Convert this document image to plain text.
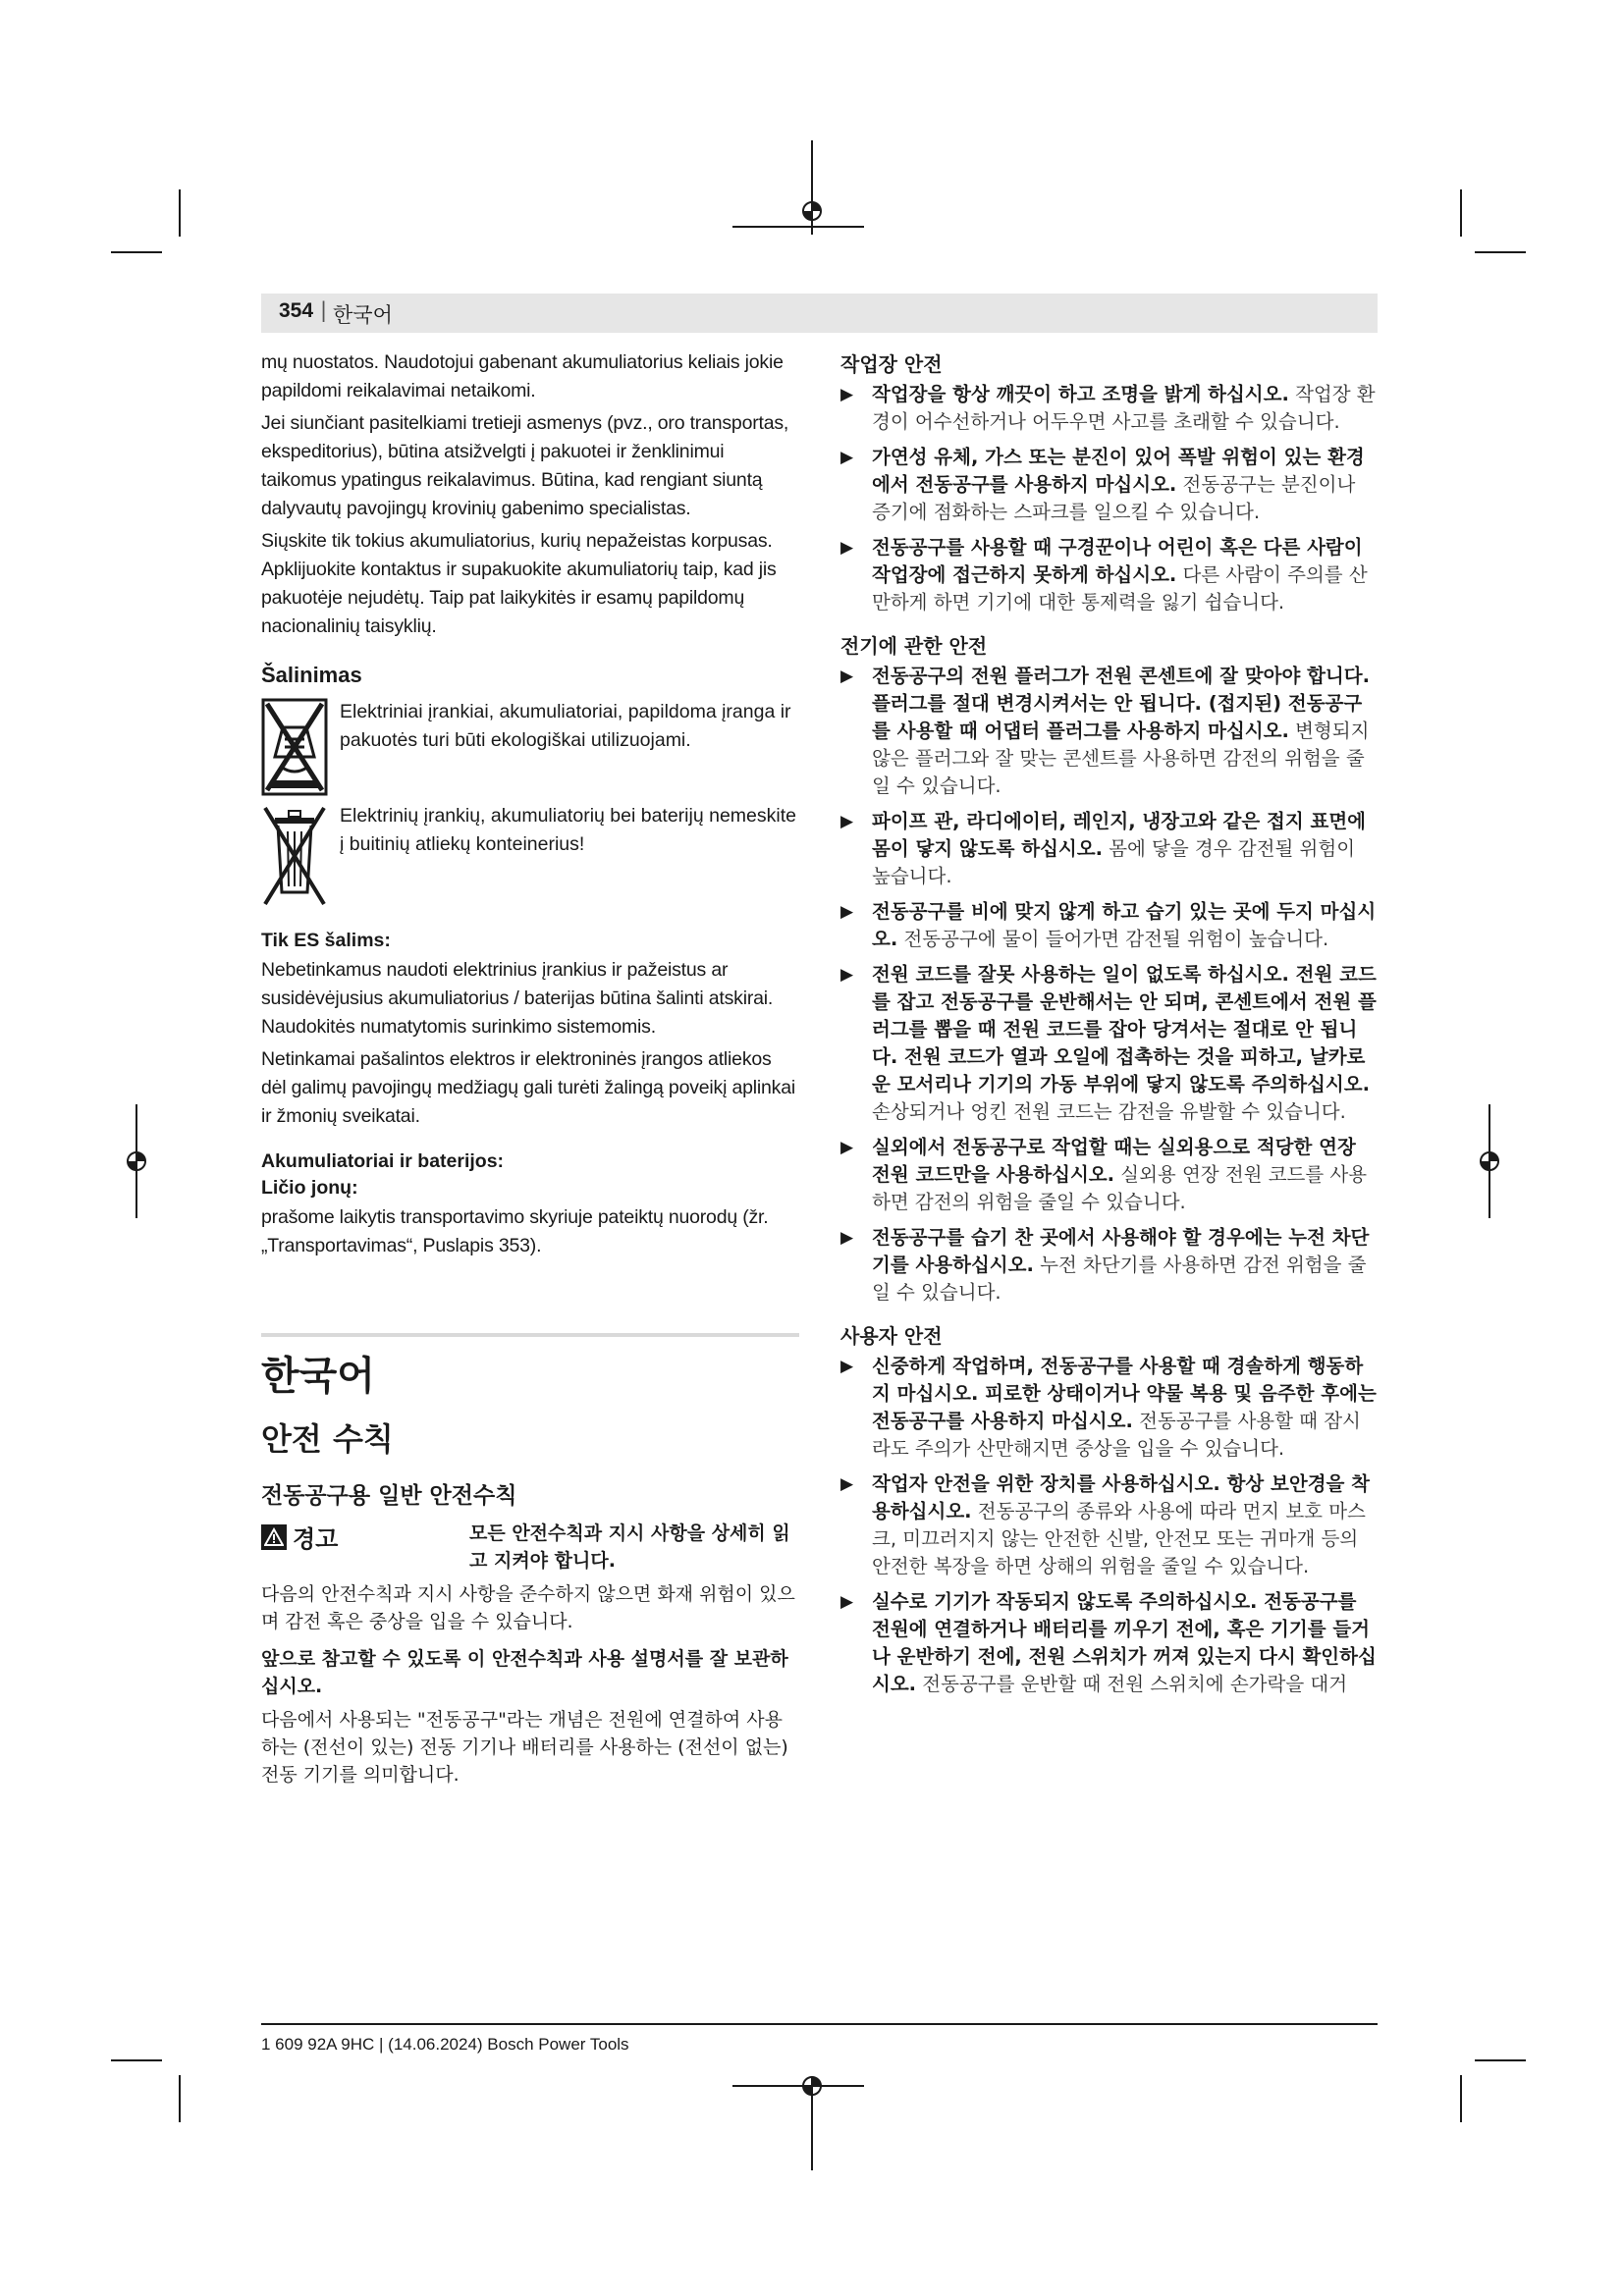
354 | 한국어

mų nuostatos. Naudotojui gabenant akumuliatorius keliais jokie papildomi reikalavimai netaikomi.

Jei siunčiant pasitelkiami tretieji asmenys (pvz., oro transportas, ekspeditorius), būtina atsižvelgti į pakuotei ir ženklinimui taikomus ypatingus reikalavimus. Būtina, kad rengiant siuntą dalyvautų pavojingų krovinių gabenimo specialistas.

Siųskite tik tokius akumuliatorius, kurių nepažeistas korpusas. Apklijuokite kontaktus ir supakuokite akumuliatorių taip, kad jis pakuotėje nejudėtų. Taip pat laikykitės ir esamų papildomų nacionalinių taisyklių.

Šalinimas
Elektriniai įrankiai, akumuliatoriai, papildoma įranga ir pakuotės turi būti ekologiškai utilizuojami.
Elektrinių įrankių, akumuliatorių bei baterijų nemeskite į buitinių atliekų konteinerius!
Tik ES šalims:

Nebetinkamus naudoti elektrinius įrankius ir pažeistus ar susidėvėjusius akumuliatorius / baterijas būtina šalinti atskirai. Naudokitės numatytomis surinkimo sistemomis.

Netinkamai pašalintos elektros ir elektroninės įrangos atliekos dėl galimų pavojingų medžiagų gali turėti žalingą poveikį aplinkai ir žmonių sveikatai.

Akumuliatoriai ir baterijos:
Ličio jonų:

prašome laikytis transportavimo skyriuje pateiktų nuorodų (žr. „Transportavimas“, Puslapis 353).

한국어
안전 수칙
전동공구용 일반 안전수칙
경고	모든 안전수칙과 지시 사항을 상세히 읽고 지켜야 합니다.

다음의 안전수칙과 지시 사항을 준수하지 않으면 화재 위험이 있으며 감전 혹은 중상을 입을 수 있습니다.

앞으로 참고할 수 있도록 이 안전수칙과 사용 설명서를 잘 보관하십시오.

다음에서 사용되는 "전동공구"라는 개념은 전원에 연결하여 사용하는 (전선이 있는) 전동 기기나 배터리를 사용하는 (전선이 없는) 전동 기기를 의미합니다.

작업장 안전
▶ 작업장을 항상 깨끗이 하고 조명을 밝게 하십시오. 작업장 환경이 어수선하거나 어두우면 사고를 초래할 수 있습니다.
▶ 가연성 유체, 가스 또는 분진이 있어 폭발 위험이 있는 환경에서 전동공구를 사용하지 마십시오. 전동공구는 분진이나 증기에 점화하는 스파크를 일으킬 수 있습니다.
▶ 전동공구를 사용할 때 구경꾼이나 어린이 혹은 다른 사람이 작업장에 접근하지 못하게 하십시오. 다른 사람이 주의를 산만하게 하면 기기에 대한 통제력을 잃기 쉽습니다.
전기에 관한 안전
▶ 전동공구의 전원 플러그가 전원 콘센트에 잘 맞아야 합니다. 플러그를 절대 변경시켜서는 안 됩니다. (접지된) 전동공구를 사용할 때 어댑터 플러그를 사용하지 마십시오. 변형되지 않은 플러그와 잘 맞는 콘센트를 사용하면 감전의 위험을 줄일 수 있습니다.
▶ 파이프 관, 라디에이터, 레인지, 냉장고와 같은 접지 표면에 몸이 닿지 않도록 하십시오. 몸에 닿을 경우 감전될 위험이 높습니다.
▶ 전동공구를 비에 맞지 않게 하고 습기 있는 곳에 두지 마십시오. 전동공구에 물이 들어가면 감전될 위험이 높습니다.
▶ 전원 코드를 잘못 사용하는 일이 없도록 하십시오. 전원 코드를 잡고 전동공구를 운반해서는 안 되며, 콘센트에서 전원 플러그를 뽑을 때 전원 코드를 잡아 당겨서는 절대로 안 됩니다. 전원 코드가 열과 오일에 접촉하는 것을 피하고, 날카로운 모서리나 기기의 가동 부위에 닿지 않도록 주의하십시오. 손상되거나 엉킨 전원 코드는 감전을 유발할 수 있습니다.
▶ 실외에서 전동공구로 작업할 때는 실외용으로 적당한 연장 전원 코드만을 사용하십시오. 실외용 연장 전원 코드를 사용하면 감전의 위험을 줄일 수 있습니다.
▶ 전동공구를 습기 찬 곳에서 사용해야 할 경우에는 누전 차단기를 사용하십시오. 누전 차단기를 사용하면 감전 위험을 줄일 수 있습니다.
사용자 안전
▶ 신중하게 작업하며, 전동공구를 사용할 때 경솔하게 행동하지 마십시오. 피로한 상태이거나 약물 복용 및 음주한 후에는 전동공구를 사용하지 마십시오. 전동공구를 사용할 때 잠시라도 주의가 산만해지면 중상을 입을 수 있습니다.
▶ 작업자 안전을 위한 장치를 사용하십시오. 항상 보안경을 착용하십시오. 전동공구의 종류와 사용에 따라 먼지 보호 마스크, 미끄러지지 않는 안전한 신발, 안전모 또는 귀마개 등의 안전한 복장을 하면 상해의 위험을 줄일 수 있습니다.
▶ 실수로 기기가 작동되지 않도록 주의하십시오. 전동공구를 전원에 연결하거나 배터리를 끼우기 전에, 혹은 기기를 들거나 운반하기 전에, 전원 스위치가 꺼져 있는지 다시 확인하십시오. 전동공구를 운반할 때 전원 스위치에 손가락을 대거
1 609 92A 9HC | (14.06.2024) Bosch Power Tools
